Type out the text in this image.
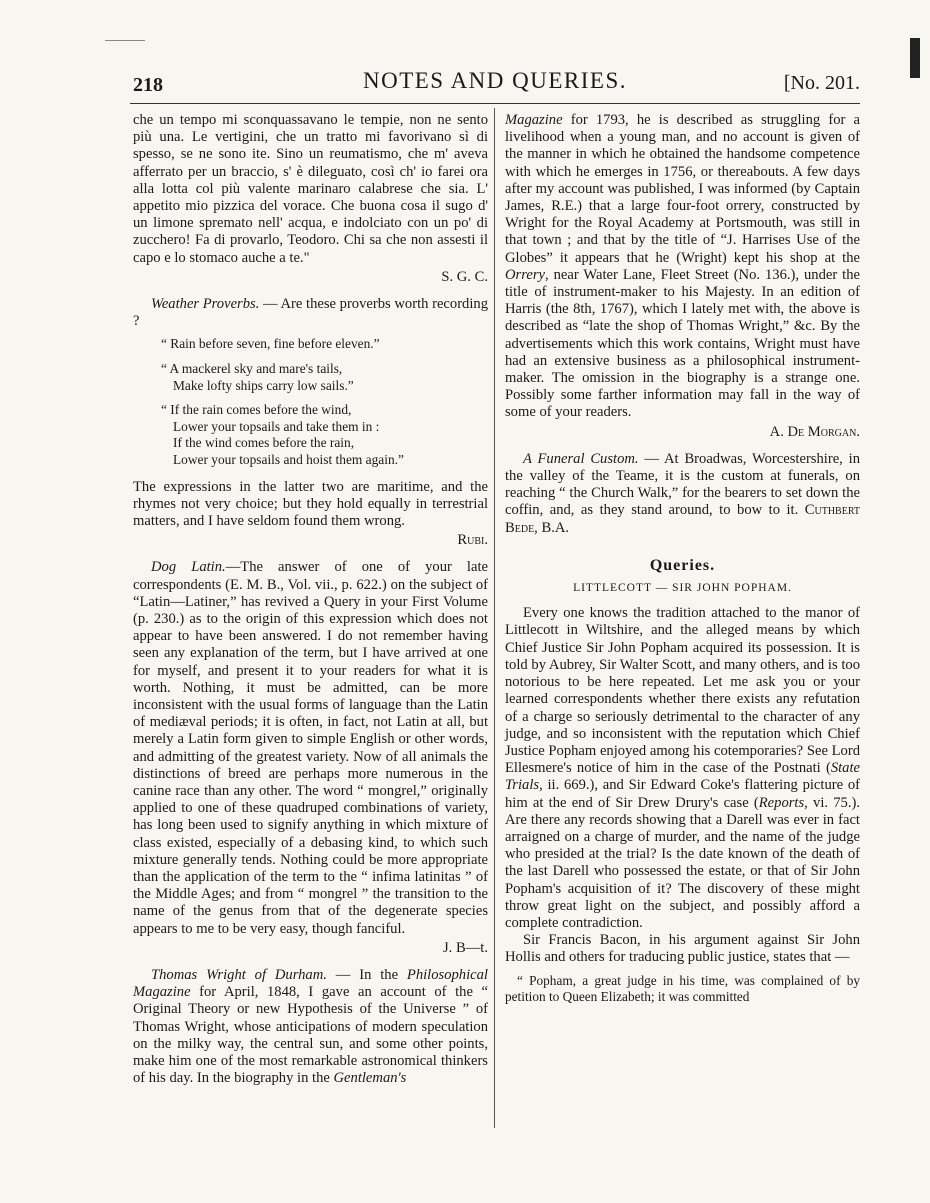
218	NOTES AND QUERIES.	[No. 201.

che un tempo mi sconquassavano le tempie, non ne sento più una. Le vertigini, che un tratto mi favorivano sì di spesso, se ne sono ite. Sino un reumatismo, che m' aveva afferrato per un braccio, s' è dileguato, così ch' io farei ora alla lotta col più valente marinaro calabrese che sia. L' appetito mio pizzica del vorace. Che buona cosa il sugo d' un limone spremato nell' acqua, e indolciato con un po' di zucchero! Fa di provarlo, Teodoro. Chi sa che non assesti il capo e lo stomaco auche a te."

S. G. C.

Weather Proverbs. — Are these proverbs worth recording ?

“ Rain before seven, fine before eleven.”
“ A mackerel sky and mare's tails,
Make lofty ships carry low sails.”
“ If the rain comes before the wind,
Lower your topsails and take them in :
If the wind comes before the rain,
Lower your topsails and hoist them again.”

The expressions in the latter two are maritime, and the rhymes not very choice; but they hold equally in terrestrial matters, and I have seldom found them wrong.

Rubi.

Dog Latin.—The answer of one of your late correspondents (E. M. B., Vol. vii., p. 622.) on the subject of “Latin—Latiner,” has revived a Query in your First Volume (p. 230.) as to the origin of this expression which does not appear to have been answered. I do not remember having seen any explanation of the term, but I have arrived at one for myself, and present it to your readers for what it is worth. Nothing, it must be admitted, can be more inconsistent with the usual forms of language than the Latin of mediæval periods; it is often, in fact, not Latin at all, but merely a Latin form given to simple English or other words, and admitting of the greatest variety. Now of all animals the distinctions of breed are perhaps more numerous in the canine race than any other. The word “ mongrel,” originally applied to one of these quadruped combinations of variety, has long been used to signify anything in which mixture of class existed, especially of a debasing kind, to which such mixture generally tends. Nothing could be more appropriate than the application of the term to the “ infima latinitas ” of the Middle Ages; and from “ mongrel ” the transition to the name of the genus from that of the degenerate species appears to me to be very easy, though fanciful.

J. B—t.

Thomas Wright of Durham. — In the Philosophical Magazine for April, 1848, I gave an account of the “ Original Theory or new Hypothesis of the Universe ” of Thomas Wright, whose anticipations of modern speculation on the milky way, the central sun, and some other points, make him one of the most remarkable astronomical thinkers of his day. In the biography in the Gentleman's

Magazine for 1793, he is described as struggling for a livelihood when a young man, and no account is given of the manner in which he obtained the handsome competence with which he emerges in 1756, or thereabouts. A few days after my account was published, I was informed (by Captain James, R.E.) that a large four-foot orrery, constructed by Wright for the Royal Academy at Portsmouth, was still in that town ; and that by the title of “J. Harrises Use of the Globes” it appears that he (Wright) kept his shop at the Orrery, near Water Lane, Fleet Street (No. 136.), under the title of instrument-maker to his Majesty. In an edition of Harris (the 8th, 1767), which I lately met with, the above is described as “late the shop of Thomas Wright,” &c. By the advertisements which this work contains, Wright must have had an extensive business as a philosophical instrument-maker. The omission in the biography is a strange one. Possibly some farther information may fall in the way of some of your readers.

A. De Morgan.

A Funeral Custom. — At Broadwas, Worcestershire, in the valley of the Teame, it is the custom at funerals, on reaching “ the Church Walk,” for the bearers to set down the coffin, and, as they stand around, to bow to it. Cuthbert Bede, B.A.

Queries.
LITTLECOTT — SIR JOHN POPHAM.

Every one knows the tradition attached to the manor of Littlecott in Wiltshire, and the alleged means by which Chief Justice Sir John Popham acquired its possession. It is told by Aubrey, Sir Walter Scott, and many others, and is too notorious to be here repeated. Let me ask you or your learned correspondents whether there exists any refutation of a charge so seriously detrimental to the character of any judge, and so inconsistent with the reputation which Chief Justice Popham enjoyed among his cotemporaries? See Lord Ellesmere's notice of him in the case of the Postnati (State Trials, ii. 669.), and Sir Edward Coke's flattering picture of him at the end of Sir Drew Drury's case (Reports, vi. 75.). Are there any records showing that a Darell was ever in fact arraigned on a charge of murder, and the name of the judge who presided at the trial? Is the date known of the death of the last Darell who possessed the estate, or that of Sir John Popham's acquisition of it? The discovery of these might throw great light on the subject, and possibly afford a complete contradiction.

Sir Francis Bacon, in his argument against Sir John Hollis and others for traducing public justice, states that —

“ Popham, a great judge in his time, was complained of by petition to Queen Elizabeth; it was committed
